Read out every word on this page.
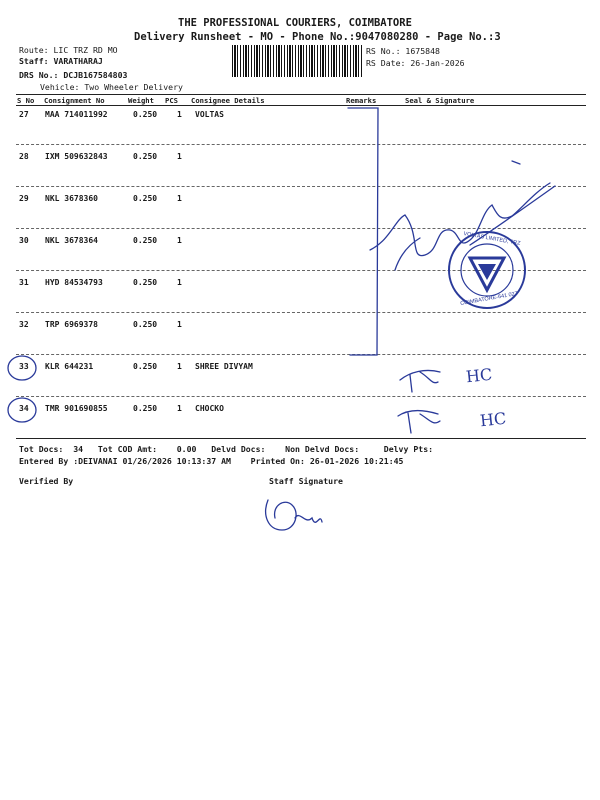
THE PROFESSIONAL COURIERS, COIMBATORE
Delivery Runsheet - MO - Phone No.:9047080280 - Page No.:3
Route: LIC TRZ RD MO
Staff: VARATHARAJ
DRS No.: DCJB167584803
Vehicle: Two Wheeler Delivery
RS No.: 1675848
RS Date: 26-Jan-2026
S No Consignment No	Weight PCS Consignee Details	Remarks	Seal & Signature
27 MAA 714011992	0.250 1 VOLTAS
28 IXM 509632843	0.250 1
29 NKL 3678360	0.250 1
30 NKL 3678364	0.250 1
31 HYD 84534793	0.250 1
32 TRP 6969378	0.250 1
33 KLR 644231	0.250 1 SHREE DIVYAM
34 TMR 901690855	0.250 1 CHOCKO
Tot Docs:  34   Tot COD Amt:    0.00   Delvd Docs:    Non Delvd Docs:     Delvy Pts:
Entered By :DEIVANAI 01/26/2026 10:13:37 AM    Printed On: 26-01-2026 10:21:45
Verified By	Staff Signature
HC
HC
VOLTAS LIMITED, TRZ
COIMBATORE-641 027
